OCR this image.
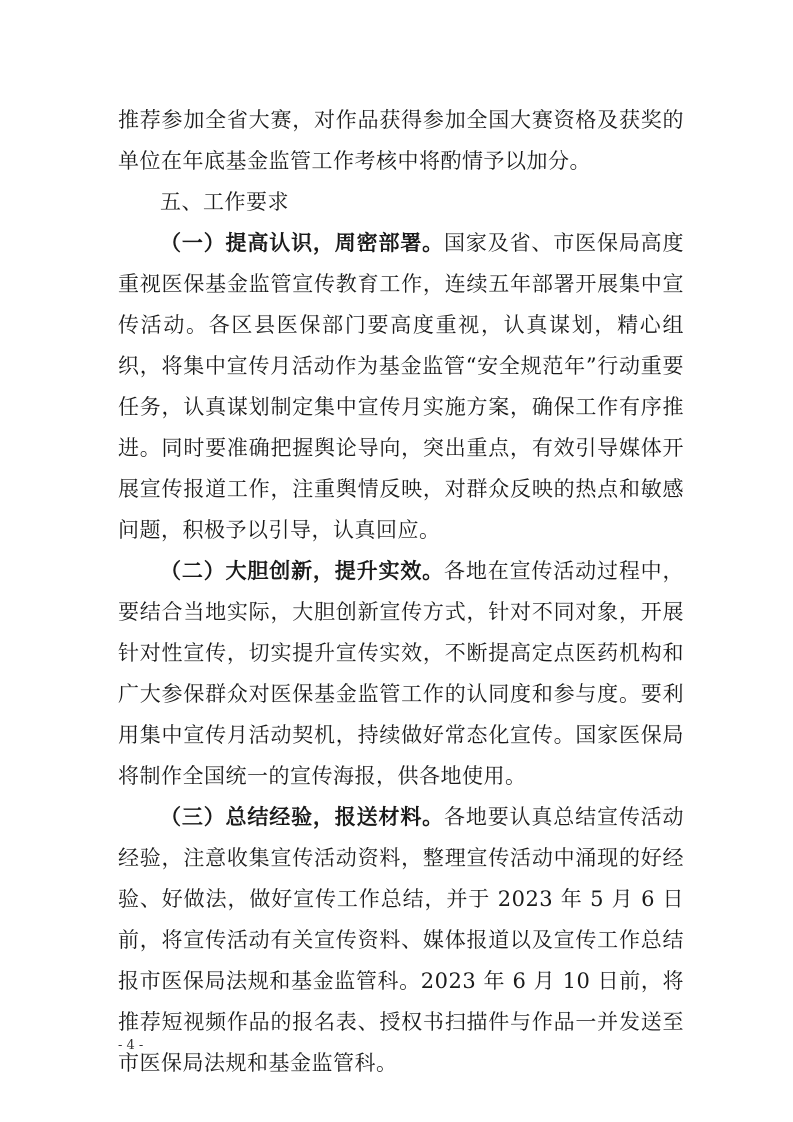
推荐参加全省大赛，对作品获得参加全国大赛资格及获奖的单位在年底基金监管工作考核中将酌情予以加分。

五、工作要求

（一）提高认识，周密部署。国家及省、市医保局高度重视医保基金监管宣传教育工作，连续五年部署开展集中宣传活动。各区县医保部门要高度重视，认真谋划，精心组织，将集中宣传月活动作为基金监管“安全规范年”行动重要任务，认真谋划制定集中宣传月实施方案，确保工作有序推进。同时要准确把握舆论导向，突出重点，有效引导媒体开展宣传报道工作，注重舆情反映，对群众反映的热点和敏感问题，积极予以引导，认真回应。

（二）大胆创新，提升实效。各地在宣传活动过程中，要结合当地实际，大胆创新宣传方式，针对不同对象，开展针对性宣传，切实提升宣传实效，不断提高定点医药机构和广大参保群众对医保基金监管工作的认同度和参与度。要利用集中宣传月活动契机，持续做好常态化宣传。国家医保局将制作全国统一的宣传海报，供各地使用。

（三）总结经验，报送材料。各地要认真总结宣传活动经验，注意收集宣传活动资料，整理宣传活动中涌现的好经验、好做法，做好宣传工作总结，并于 2023 年 5 月 6 日前，将宣传活动有关宣传资料、媒体报道以及宣传工作总结报市医保局法规和基金监管科。2023 年 6 月 10 日前，将推荐短视频作品的报名表、授权书扫描件与作品一并发送至市医保局法规和基金监管科。

- 4 -
